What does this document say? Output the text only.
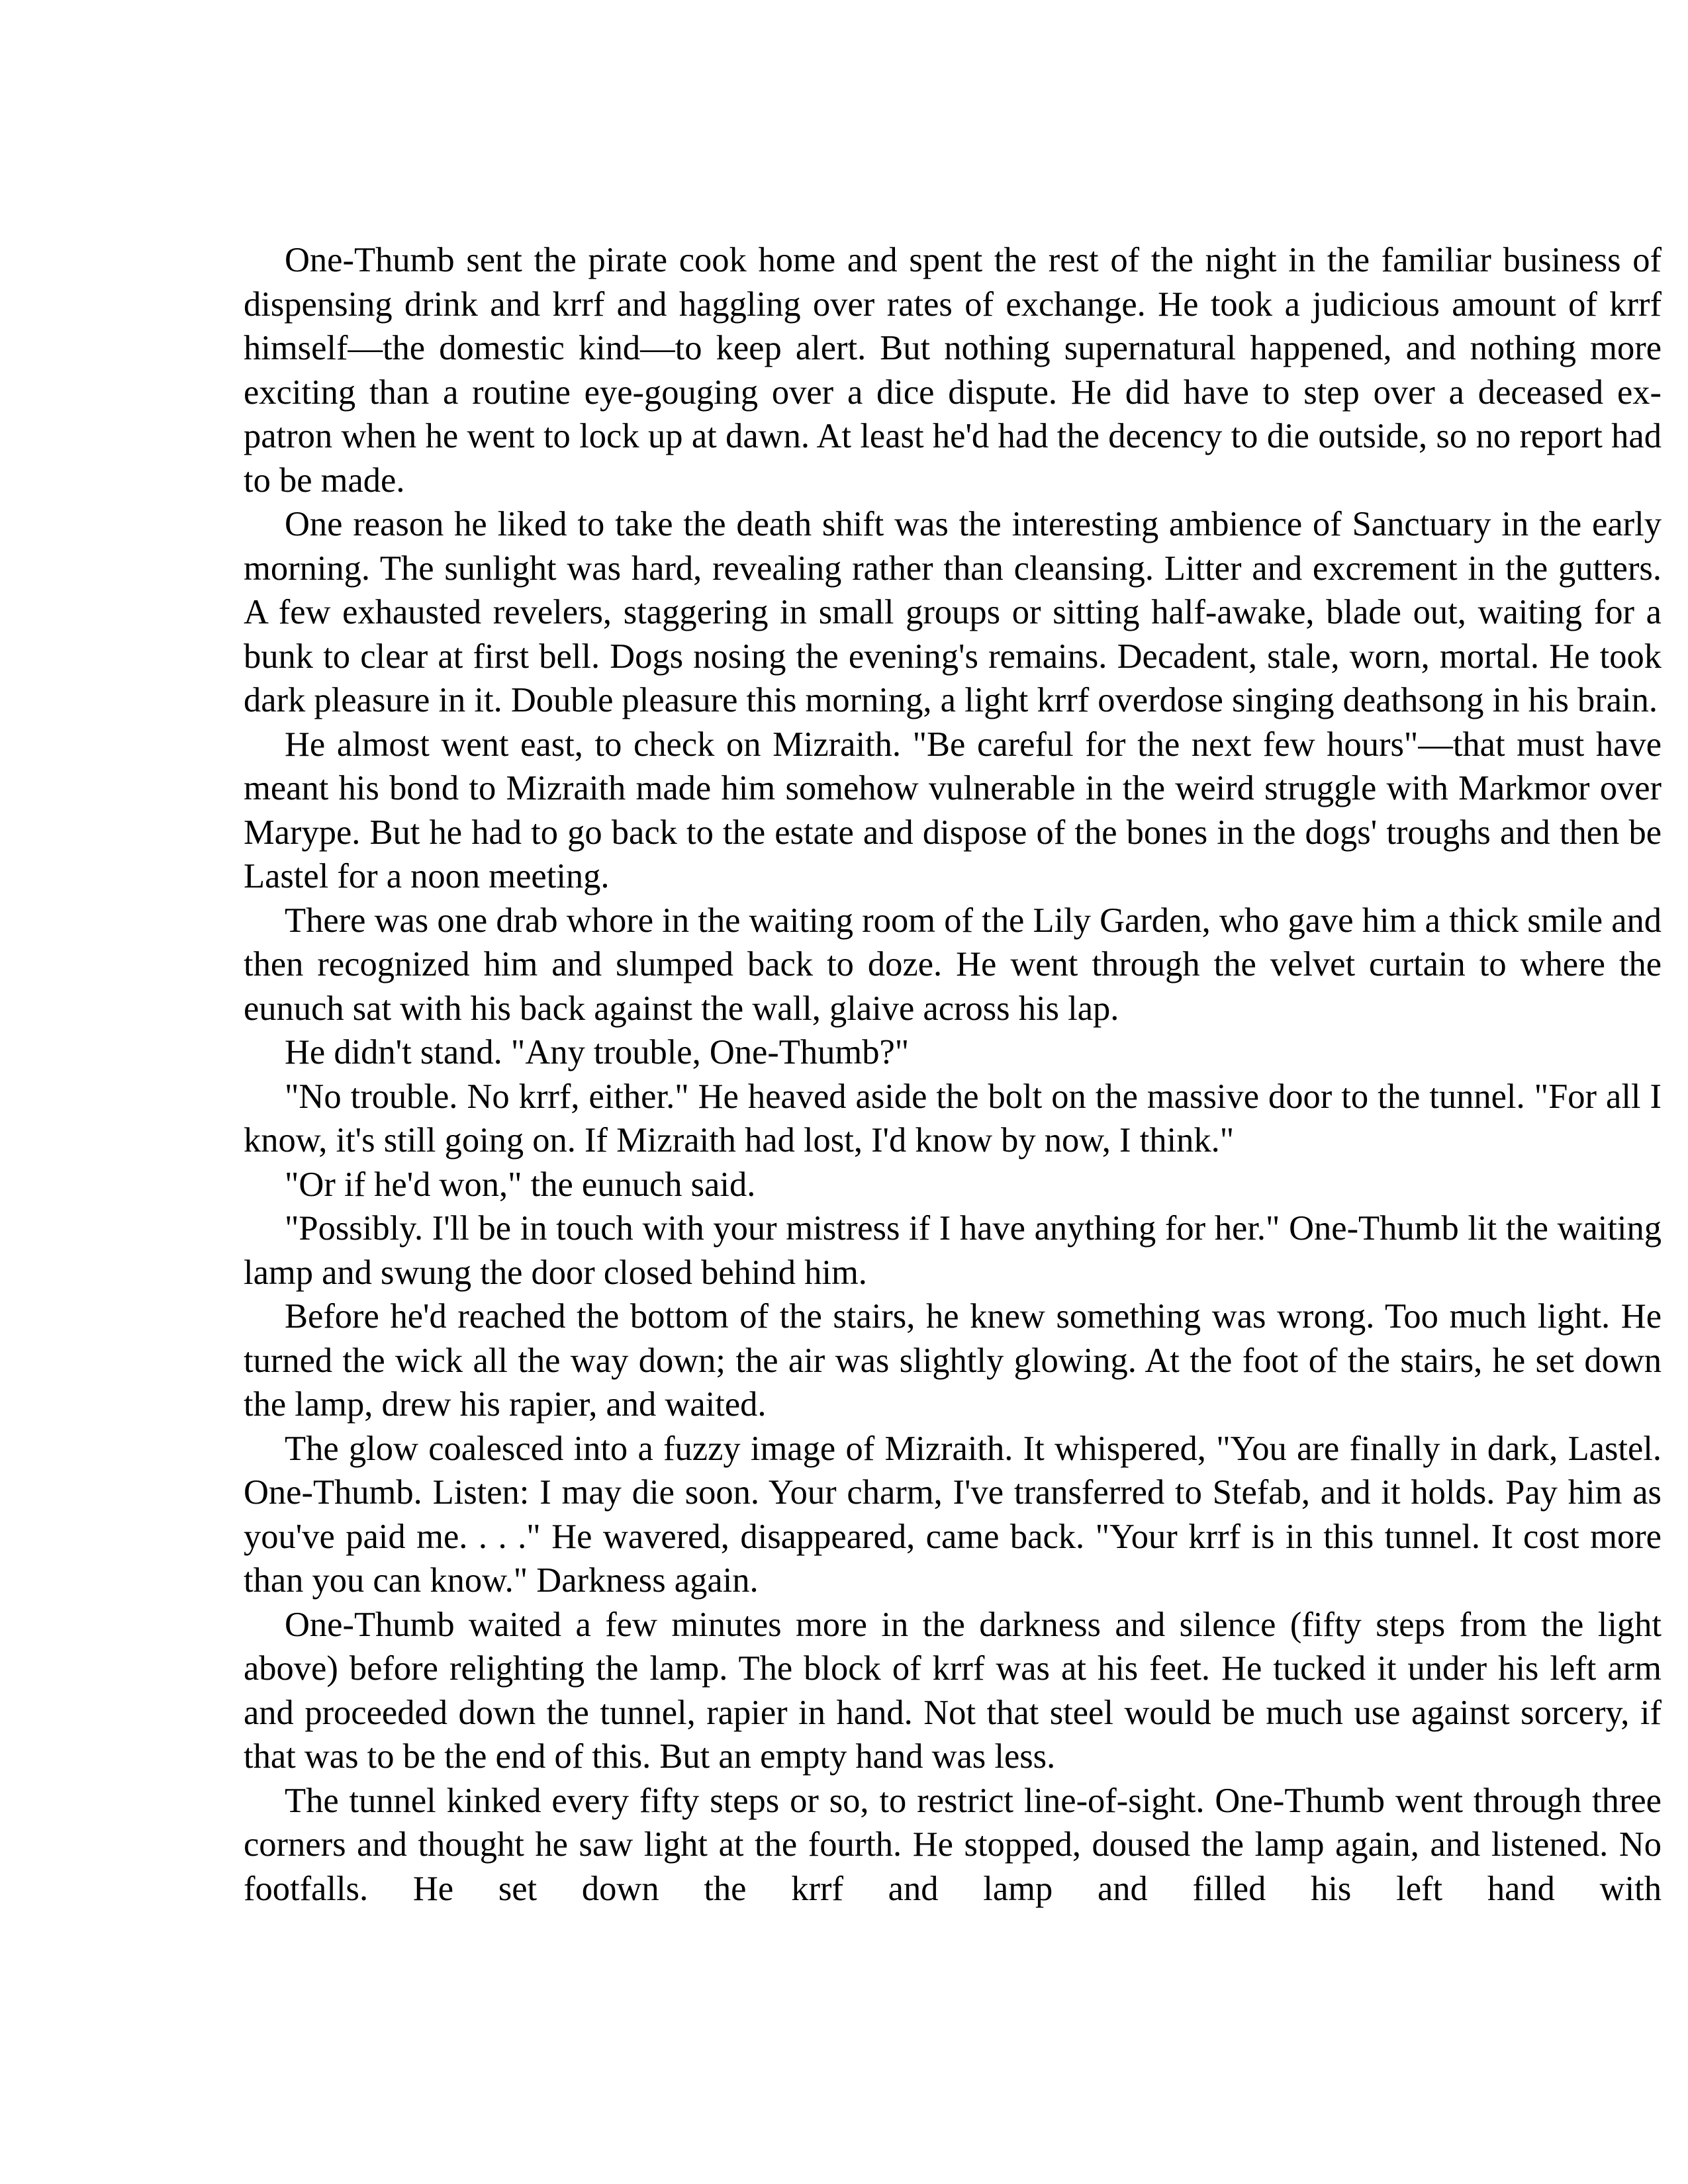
One-Thumb sent the pirate cook home and spent the rest of the night in the familiar business of dispensing drink and krrf and haggling over rates of exchange. He took a judicious amount of krrf himself—the domestic kind—to keep alert. But nothing supernatural happened, and nothing more exciting than a routine eye-gouging over a dice dispute. He did have to step over a deceased ex-patron when he went to lock up at dawn. At least he'd had the decency to die outside, so no report had to be made.

One reason he liked to take the death shift was the interesting ambience of Sanctuary in the early morning. The sunlight was hard, revealing rather than cleansing. Litter and excrement in the gutters. A few exhausted revelers, staggering in small groups or sitting half-awake, blade out, waiting for a bunk to clear at first bell. Dogs nosing the evening's remains. Decadent, stale, worn, mortal. He took dark pleasure in it. Double pleasure this morning, a light krrf overdose singing deathsong in his brain.

He almost went east, to check on Mizraith. "Be careful for the next few hours"—that must have meant his bond to Mizraith made him somehow vulnerable in the weird struggle with Markmor over Marype. But he had to go back to the estate and dispose of the bones in the dogs' troughs and then be Lastel for a noon meeting.

There was one drab whore in the waiting room of the Lily Garden, who gave him a thick smile and then recognized him and slumped back to doze. He went through the velvet curtain to where the eunuch sat with his back against the wall, glaive across his lap.

He didn't stand. "Any trouble, One-Thumb?"

"No trouble. No krrf, either." He heaved aside the bolt on the massive door to the tunnel. "For all I know, it's still going on. If Mizraith had lost, I'd know by now, I think."

"Or if he'd won," the eunuch said.

"Possibly. I'll be in touch with your mistress if I have anything for her." One-Thumb lit the waiting lamp and swung the door closed behind him.

Before he'd reached the bottom of the stairs, he knew something was wrong. Too much light. He turned the wick all the way down; the air was slightly glowing. At the foot of the stairs, he set down the lamp, drew his rapier, and waited.

The glow coalesced into a fuzzy image of Mizraith. It whispered, "You are finally in dark, Lastel. One-Thumb. Listen: I may die soon. Your charm, I've transferred to Stefab, and it holds. Pay him as you've paid me. . . ." He wavered, disappeared, came back. "Your krrf is in this tunnel. It cost more than you can know." Darkness again.

One-Thumb waited a few minutes more in the darkness and silence (fifty steps from the light above) before relighting the lamp. The block of krrf was at his feet. He tucked it under his left arm and proceeded down the tunnel, rapier in hand. Not that steel would be much use against sorcery, if that was to be the end of this. But an empty hand was less.

The tunnel kinked every fifty steps or so, to restrict line-of-sight. One-Thumb went through three corners and thought he saw light at the fourth. He stopped, doused the lamp again, and listened. No footfalls. He set down the krrf and lamp and filled his left hand with
